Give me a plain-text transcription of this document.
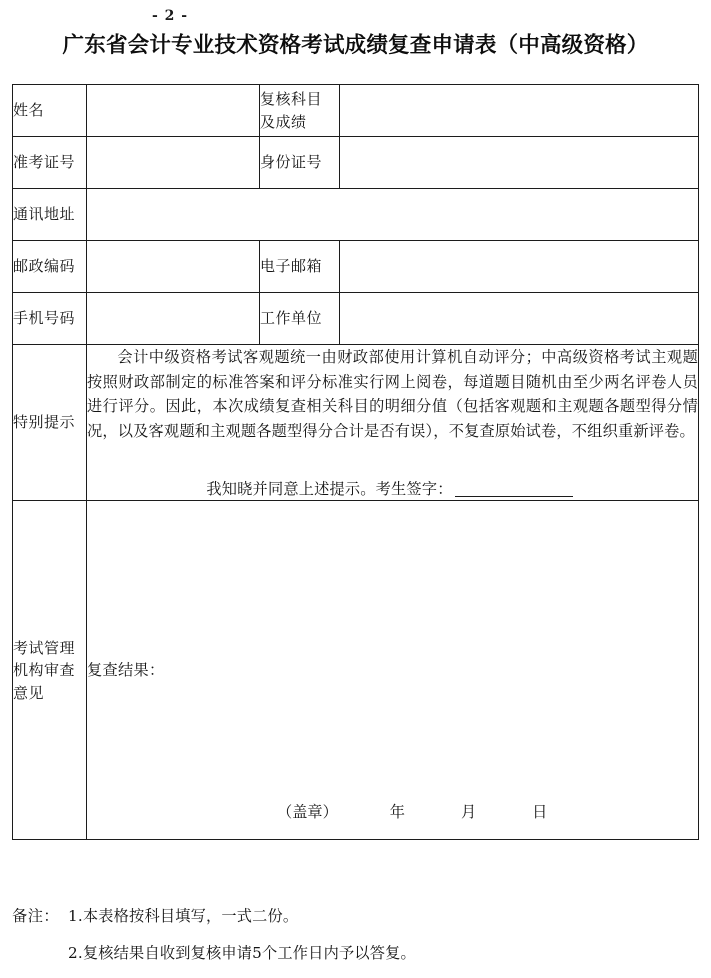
- 2 -
广东省会计专业技术资格考试成绩复查申请表（中高级资格）
姓名		复核科目
及成绩	

准考证号		身份证号	
通讯地址			
邮政编码		电子邮箱	
手机号码		工作单位	
特别提示	会计中级资格考试客观题统一由财政部使用计算机自动评分；中高级资格考试主观题按照财政部制定的标准答案和评分标准实行网上阅卷，每道题目随机由至少两名评卷人员进行评分。因此，本次成绩复查相关科目的明细分值（包括客观题和主观题各题型得分情况，以及客观题和主观题各题型得分合计是否有误），不复查原始试卷，不组织重新评卷。

我知晓并同意上述提示。考生签字：		

考试管理机构审查意见	复查结果：
（盖章） 年 月 日		
备注： 1.本表格按科目填写，一式二份。
2.复核结果自收到复核申请5个工作日内予以答复。
